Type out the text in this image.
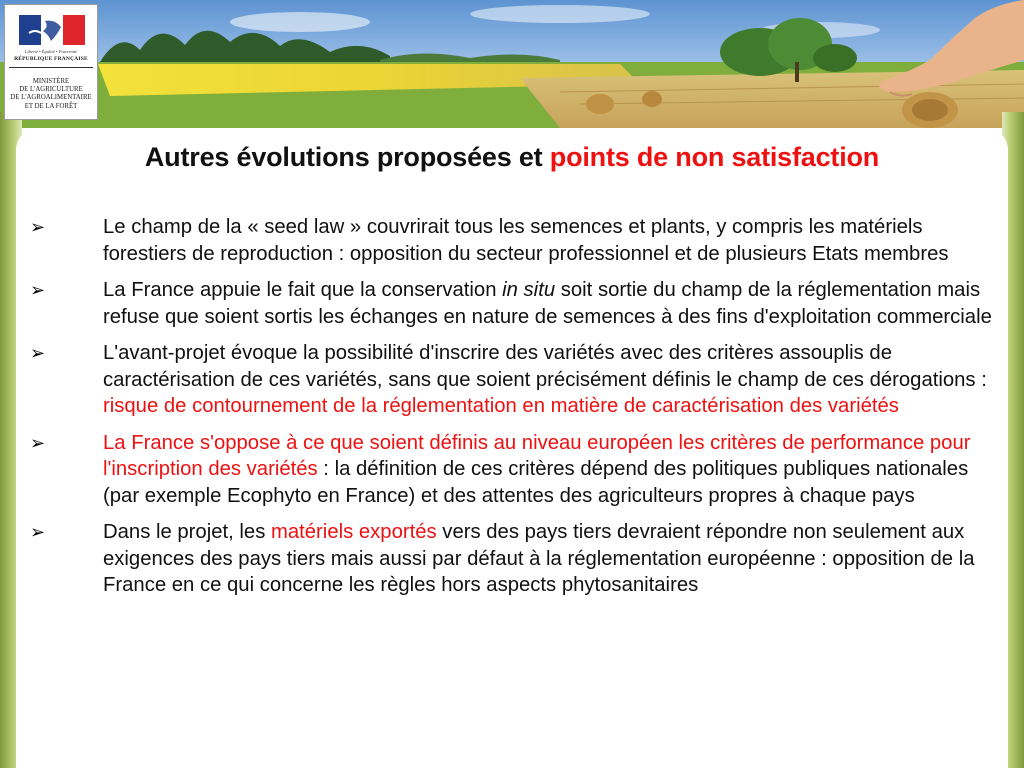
Liberté • Égalité • Fraternité
RÉPUBLIQUE FRANÇAISE
MINISTÈRE
DE L'AGRICULTURE
DE L'AGROALIMENTAIRE
ET DE LA FORÊT
Autres évolutions proposées et points de non satisfaction
➢	Le champ de la « seed law » couvrirait tous les semences et plants, y compris les matériels forestiers de reproduction : opposition du secteur professionnel et de plusieurs Etats membres
➢	La France appuie le fait que la conservation in situ soit sortie du champ de la réglementation mais refuse que soient sortis les échanges en nature de semences à des fins d'exploitation commerciale
➢	L'avant-projet évoque la possibilité d'inscrire des variétés avec des critères assouplis de caractérisation de ces variétés, sans que soient précisément définis le champ de ces dérogations : risque de contournement de la réglementation en matière de caractérisation des variétés
➢	La France s'oppose à ce que soient définis au niveau européen les critères de performance pour l'inscription des variétés : la définition de ces critères dépend des politiques publiques nationales (par exemple Ecophyto en France) et des attentes des agriculteurs propres à chaque pays
➢	Dans le projet, les matériels exportés vers des pays tiers devraient répondre non seulement aux exigences des pays tiers mais aussi par défaut à la réglementation européenne : opposition de la France en ce qui concerne les règles hors aspects phytosanitaires
